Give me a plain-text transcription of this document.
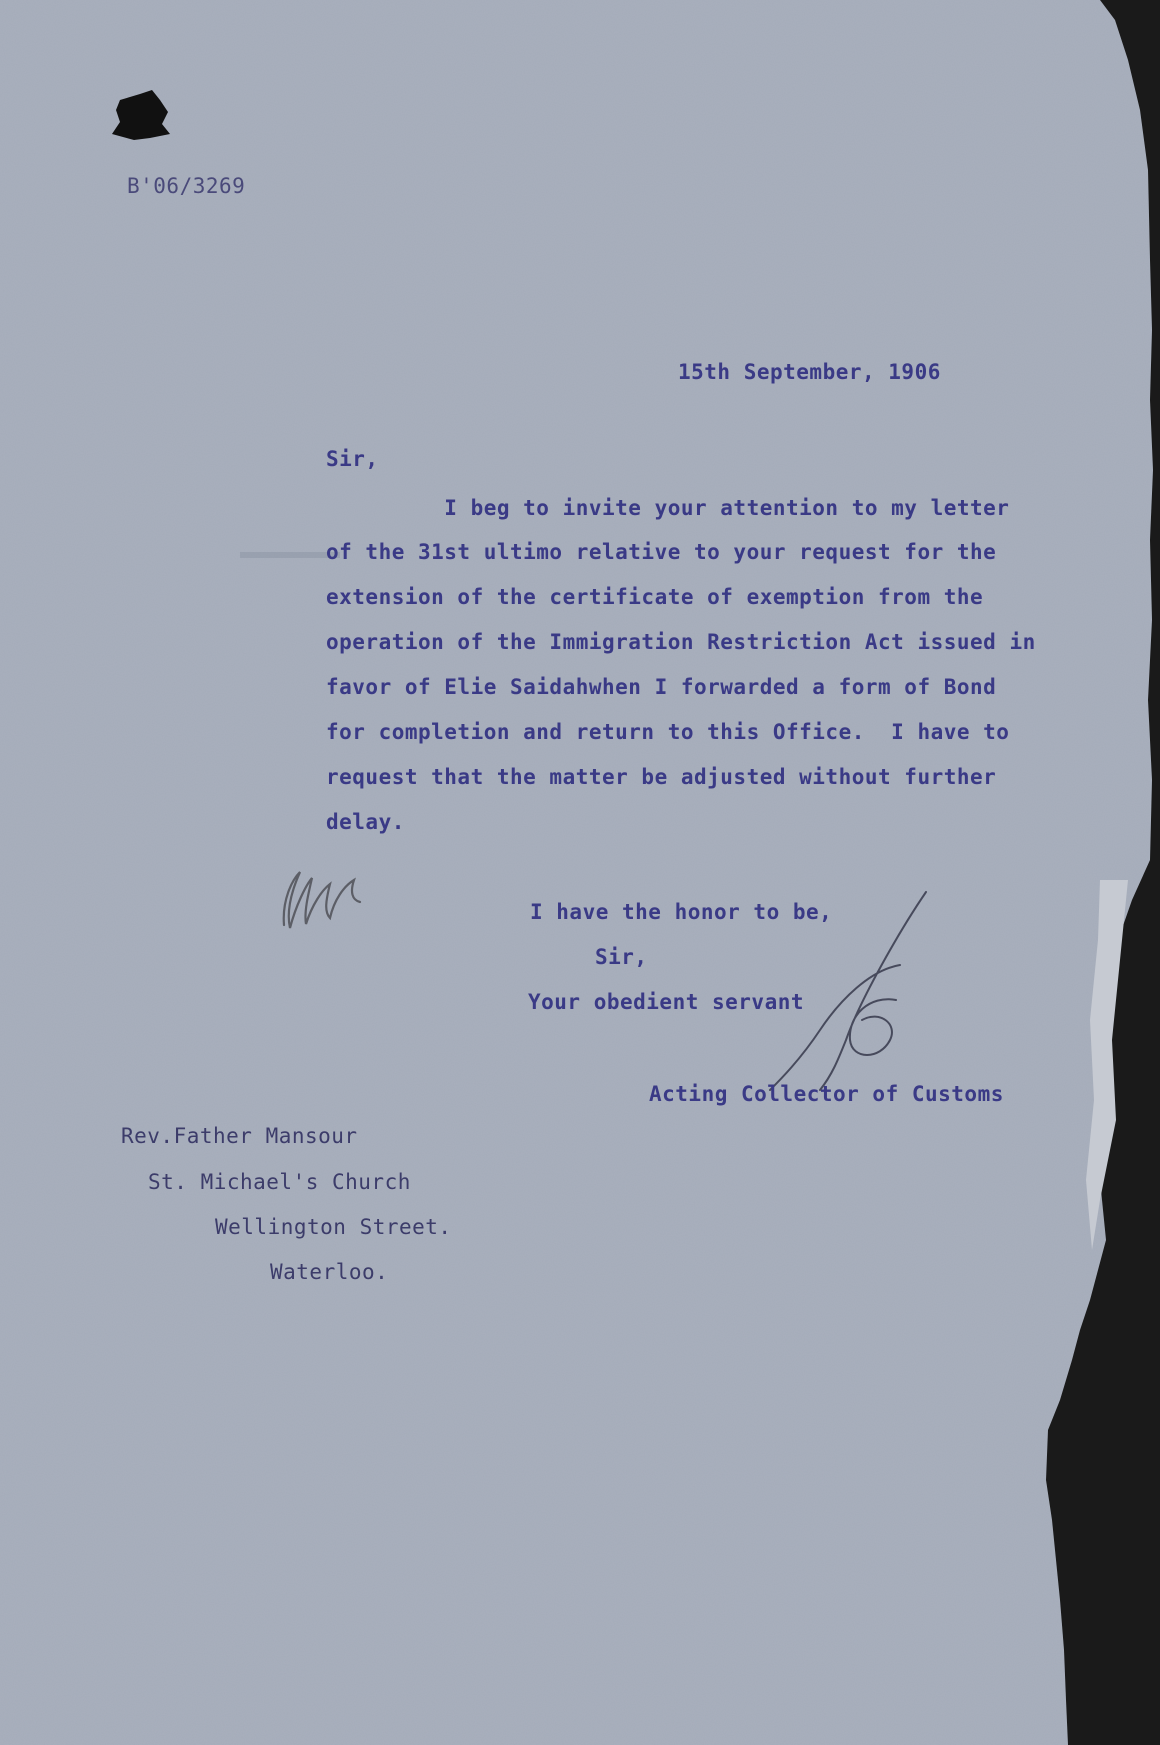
B'06/3269
15th September, 1906
Sir,
I beg to invite your attention to my letter
of the 31st ultimo relative to your request for the
extension of the certificate of exemption from the
operation of the Immigration Restriction Act issued in
favor of Elie Saidahwhen I forwarded a form of Bond
for completion and return to this Office.  I have to
request that the matter be adjusted without further
delay.
I have the honor to be,
Sir,
Your obedient servant
Acting Collector of Customs
Rev.Father Mansour
St. Michael's Church
Wellington Street.
Waterloo.
